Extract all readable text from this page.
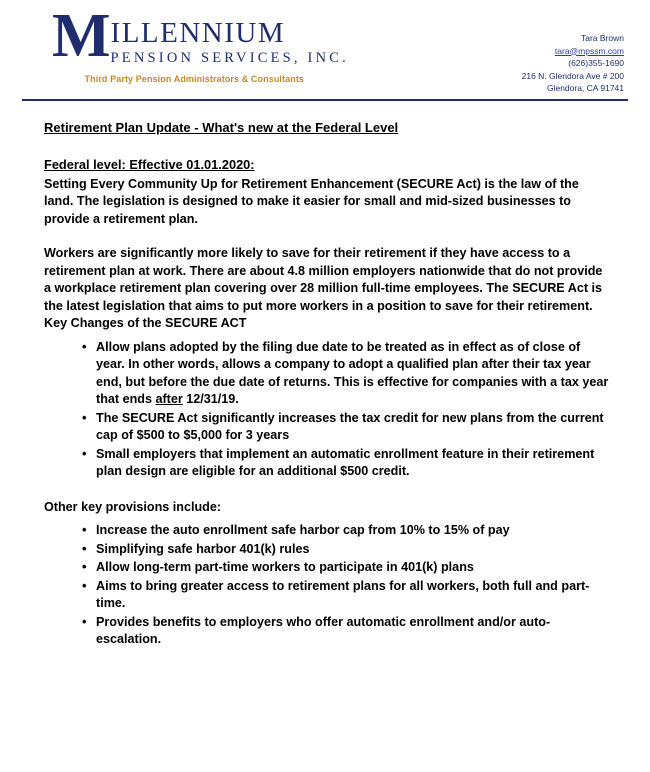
M ILLENNIUM
PENSION SERVICES, INC.
Third Party Pension Administrators & Consultants
Tara Brown
tara@mpssm.com
(626)355-1690
216 N. Glendora Ave # 200
Glendora, CA 91741
Retirement Plan Update - What's new at the Federal Level
Federal level: Effective 01.01.2020:

Setting Every Community Up for Retirement Enhancement (SECURE Act) is the law of the land. The legislation is designed to make it easier for small and mid-sized businesses to provide a retirement plan.

Workers are significantly more likely to save for their retirement if they have access to a retirement plan at work. There are about 4.8 million employers nationwide that do not provide a workplace retirement plan covering over 28 million full-time employees. The SECURE Act is the latest legislation that aims to put more workers in a position to save for their retirement.

Key Changes of the SECURE ACT

• Allow plans adopted by the filing due date to be treated as in effect as of close of year. In other words, allows a company to adopt a qualified plan after their tax year end, but before the due date of returns. This is effective for companies with a tax year that ends after 12/31/19.
• The SECURE Act significantly increases the tax credit for new plans from the current cap of $500 to $5,000 for 3 years
• Small employers that implement an automatic enrollment feature in their retirement plan design are eligible for an additional $500 credit.

Other key provisions include:

• Increase the auto enrollment safe harbor cap from 10% to 15% of pay
• Simplifying safe harbor 401(k) rules
• Allow long-term part-time workers to participate in 401(k) plans
• Aims to bring greater access to retirement plans for all workers, both full and part-time.
• Provides benefits to employers who offer automatic enrollment and/or auto-escalation.
